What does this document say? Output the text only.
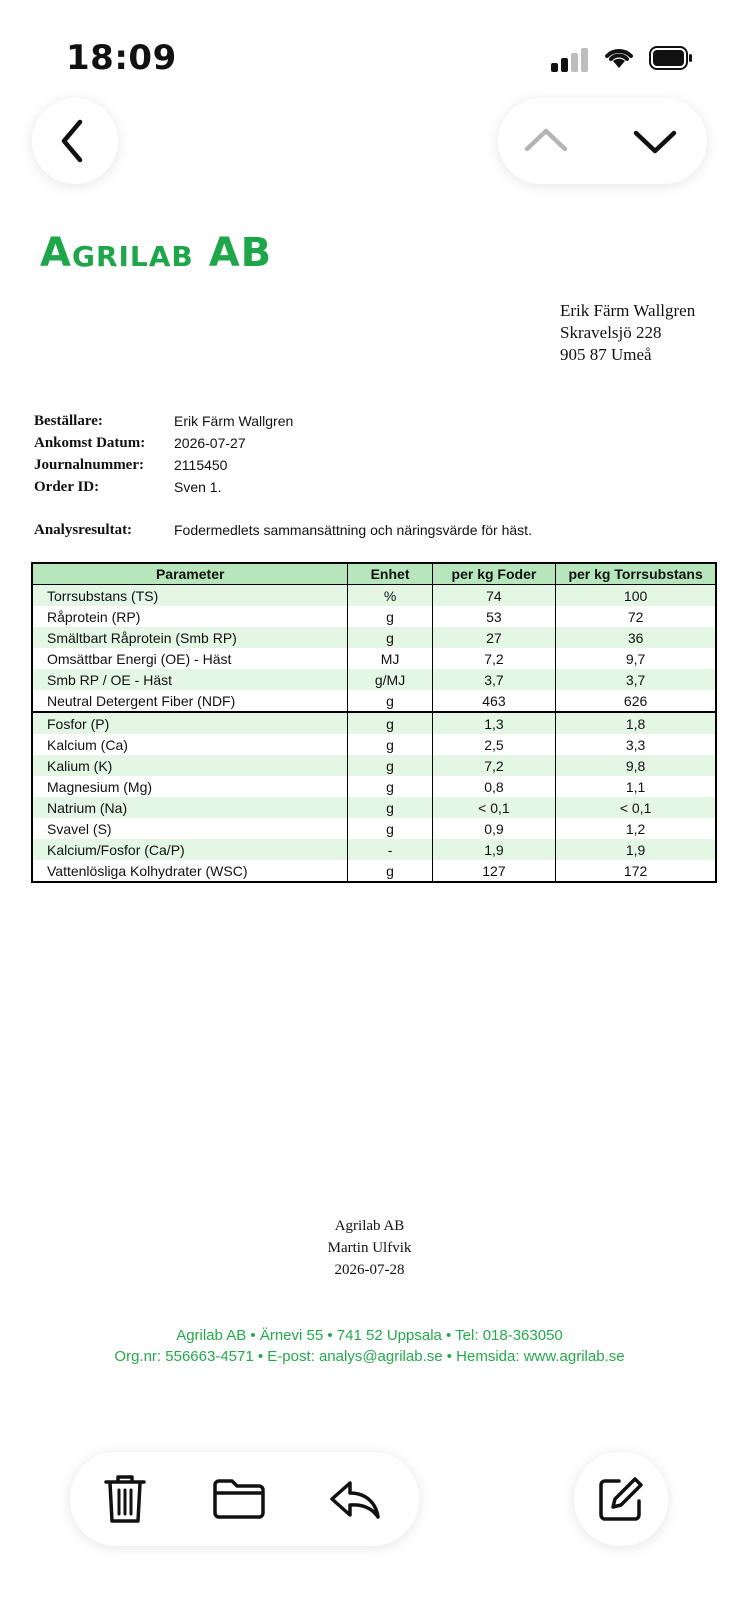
18:09
Agrilab AB
Erik Färm Wallgren
Skravelsjö 228
905 87 Umeå
Beställare:	Erik Färm Wallgren
Ankomst Datum:	2026-07-27
Journalnummer:	2115450
Order ID:	Sven 1.
Analysresultat:	Fodermedlets sammansättning och näringsvärde för häst.
Parameter	Enhet	per kg Foder	per kg Torrsubstans
Torrsubstans (TS)	%	74	100
Råprotein (RP)	g	53	72
Smältbart Råprotein (Smb RP)	g	27	36
Omsättbar Energi (OE) - Häst	MJ	7,2	9,7
Smb RP / OE - Häst	g/MJ	3,7	3,7
Neutral Detergent Fiber (NDF)	g	463	626
Fosfor (P)	g	1,3	1,8
Kalcium (Ca)	g	2,5	3,3
Kalium (K)	g	7,2	9,8
Magnesium (Mg)	g	0,8	1,1
Natrium (Na)	g	< 0,1	< 0,1
Svavel (S)	g	0,9	1,2
Kalcium/Fosfor (Ca/P)	-	1,9	1,9
Vattenlösliga Kolhydrater (WSC)	g	127	172
Agrilab AB
Martin Ulfvik
2026-07-28
Agrilab AB • Ärnevi 55 • 741 52 Uppsala • Tel: 018-363050
Org.nr: 556663-4571 • E-post: analys@agrilab.se • Hemsida: www.agrilab.se
